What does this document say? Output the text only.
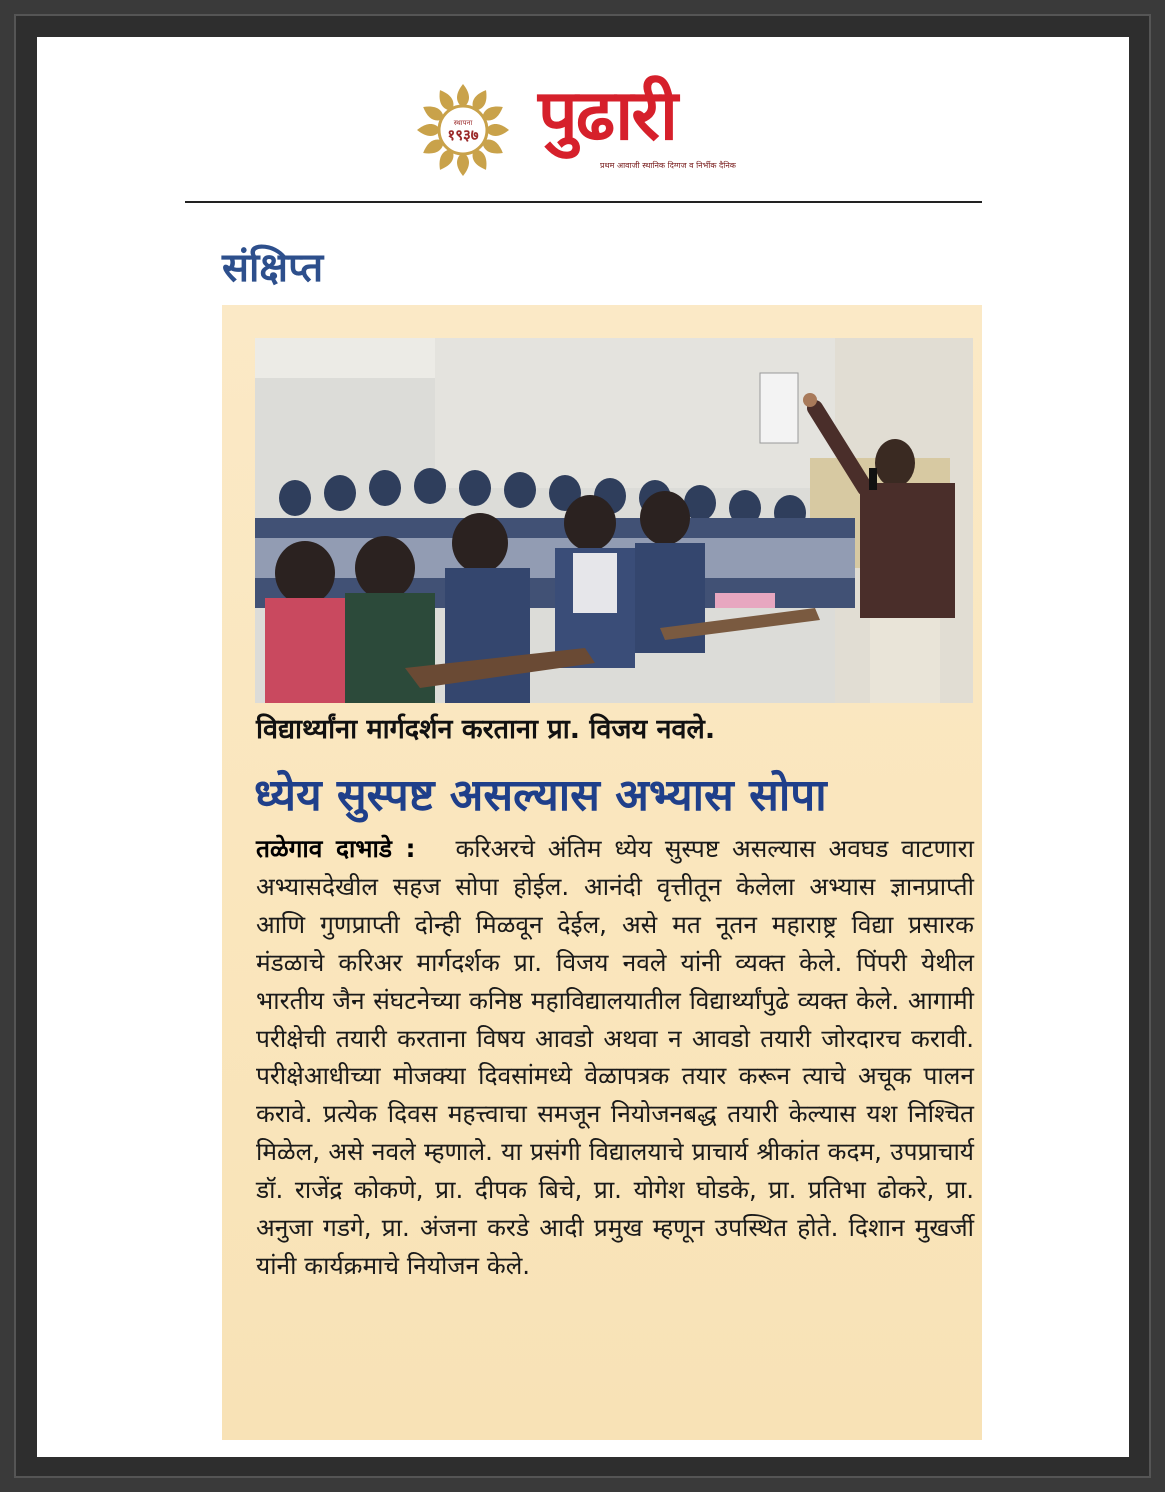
स्थापना
१९३७ पुढारी
प्रथम आवाजी स्थानिक दिग्गज व निर्भीक दैनिक
संक्षिप्त
विद्यार्थ्यांना मार्गदर्शन करताना प्रा. विजय नवले.
ध्येय सुस्पष्ट असल्यास अभ्यास सोपा
तळेगाव दाभाडे :   करिअरचे अंतिम ध्येय सुस्पष्ट असल्यास अवघड वाटणारा अभ्यासदेखील सहज सोपा होईल. आनंदी वृत्तीतून केलेला अभ्यास ज्ञानप्राप्ती आणि गुणप्राप्ती दोन्ही मिळवून देईल, असे मत नूतन महाराष्ट्र विद्या प्रसारक मंडळाचे करिअर मार्गदर्शक प्रा. विजय नवले यांनी व्यक्त केले. पिंपरी येथील भारतीय जैन संघटनेच्या कनिष्ठ महाविद्यालयातील विद्यार्थ्यांपुढे व्यक्त केले. आगामी परीक्षेची तयारी करताना विषय आवडो अथवा न आवडो तयारी जोरदारच करावी. परीक्षेआधीच्या मोजक्या दिवसांमध्ये वेळापत्रक तयार करून त्याचे अचूक पालन करावे. प्रत्येक दिवस महत्त्वाचा समजून नियोजनबद्ध तयारी केल्यास यश निश्चित मिळेल, असे नवले म्हणाले. या प्रसंगी विद्यालयाचे प्राचार्य श्रीकांत कदम, उपप्राचार्य डॉ. राजेंद्र कोकणे, प्रा. दीपक बिचे, प्रा. योगेश घोडके, प्रा. प्रतिभा ढोकरे, प्रा. अनुजा गडगे, प्रा. अंजना करडे आदी प्रमुख म्हणून उपस्थित होते. दिशान मुखर्जी यांनी कार्यक्रमाचे नियोजन केले.
